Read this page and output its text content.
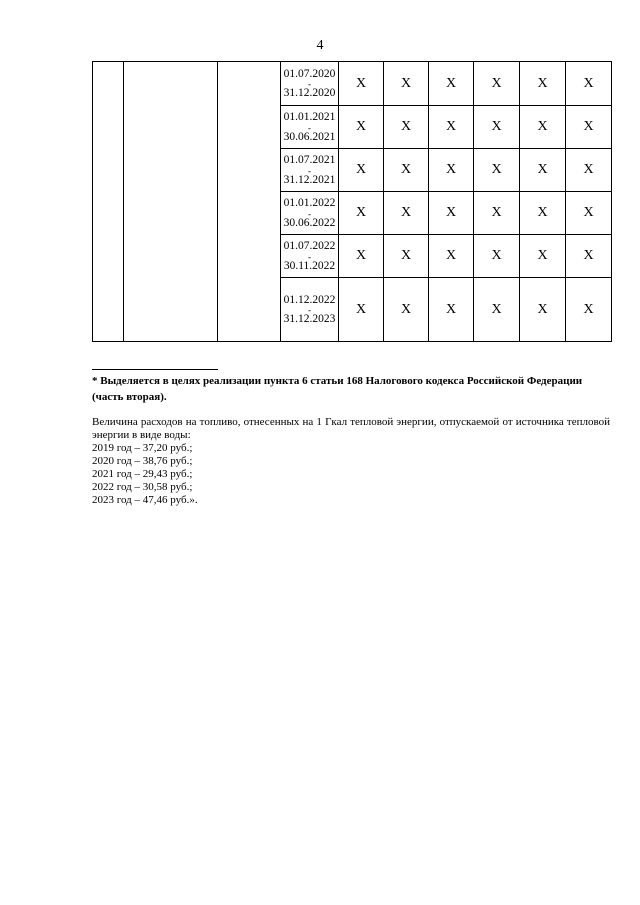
4

			01.07.2020
-
31.12.2020	X	X	X	X	X	X

			01.01.2021
-
30.06.2021	X	X	X	X	X	X

			01.07.2021
-
31.12.2021	X	X	X	X	X	X

			01.01.2022
-
30.06.2022	X	X	X	X	X	X

			01.07.2022
-
30.11.2022	X	X	X	X	X	X

			01.12.2022
-
31.12.2023	X	X	X	X	X	X
* Выделяется в целях реализации пункта 6 статьи 168 Налогового кодекса Российской Федерации (часть вторая).
Величина расходов на топливо, отнесенных на 1 Гкал тепловой энергии, отпускаемой от источника тепловой энергии в виде воды:
2019 год – 37,20 руб.;
2020 год – 38,76 руб.;
2021 год – 29,43 руб.;
2022 год – 30,58 руб.;
2023 год – 47,46 руб.».
